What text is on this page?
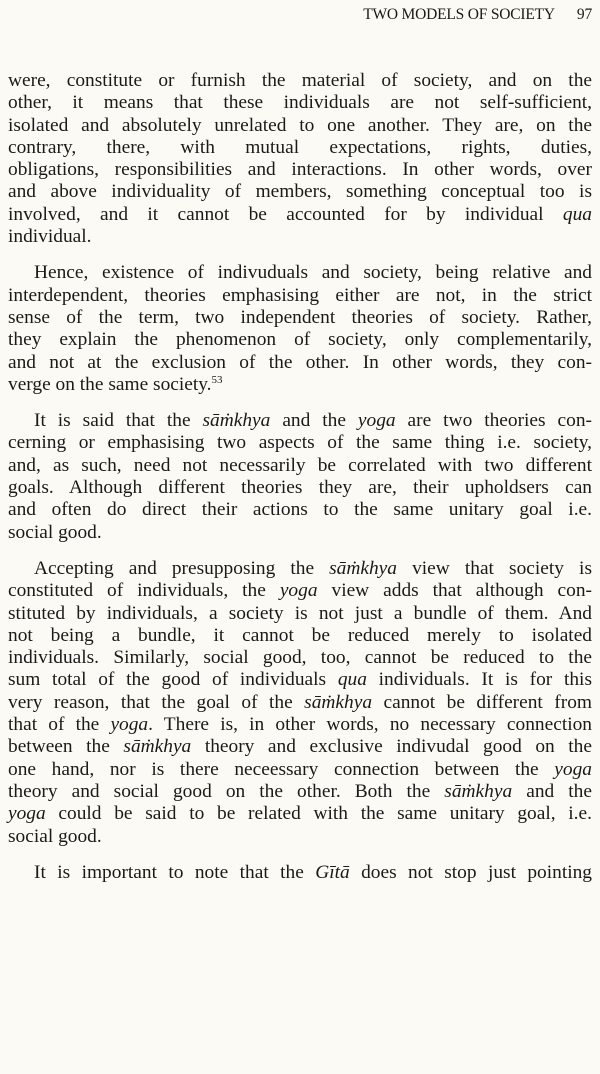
TWO MODELS OF SOCIETY 97
were, constitute or furnish the material of society, and on the
other, it means that these individuals are not self-sufficient,
isolated and absolutely unrelated to one another. They are, on the
contrary, there, with mutual expectations, rights, duties,
obligations, responsibilities and interactions. In other words, over
and above individuality of members, something conceptual too is
involved, and it cannot be accounted for by individual qua
individual.
Hence, existence of indivuduals and society, being relative and
interdependent, theories emphasising either are not, in the strict
sense of the term, two independent theories of society. Rather,
they explain the phenomenon of society, only complementarily,
and not at the exclusion of the other. In other words, they con-
verge on the same society.$^{53}$
It is said that the sāṁkhya and the yoga are two theories con-
cerning or emphasising two aspects of the same thing i.e. society,
and, as such, need not necessarily be correlated with two different
goals. Although different theories they are, their upholdsers can
and often do direct their actions to the same unitary goal i.e.
social good.
Accepting and presupposing the sāṁkhya view that society is
constituted of individuals, the yoga view adds that although con-
stituted by individuals, a society is not just a bundle of them. And
not being a bundle, it cannot be reduced merely to isolated
individuals. Similarly, social good, too, cannot be reduced to the
sum total of the good of individuals qua individuals. It is for this
very reason, that the goal of the sāṁkhya cannot be different from
that of the yoga. There is, in other words, no necessary connection
between the sāṁkhya theory and exclusive indivudal good on the
one hand, nor is there neceessary connection between the yoga
theory and social good on the other. Both the sāṁkhya and the
yoga could be said to be related with the same unitary goal, i.e.
social good.
It is important to note that the Gītā does not stop just pointing
